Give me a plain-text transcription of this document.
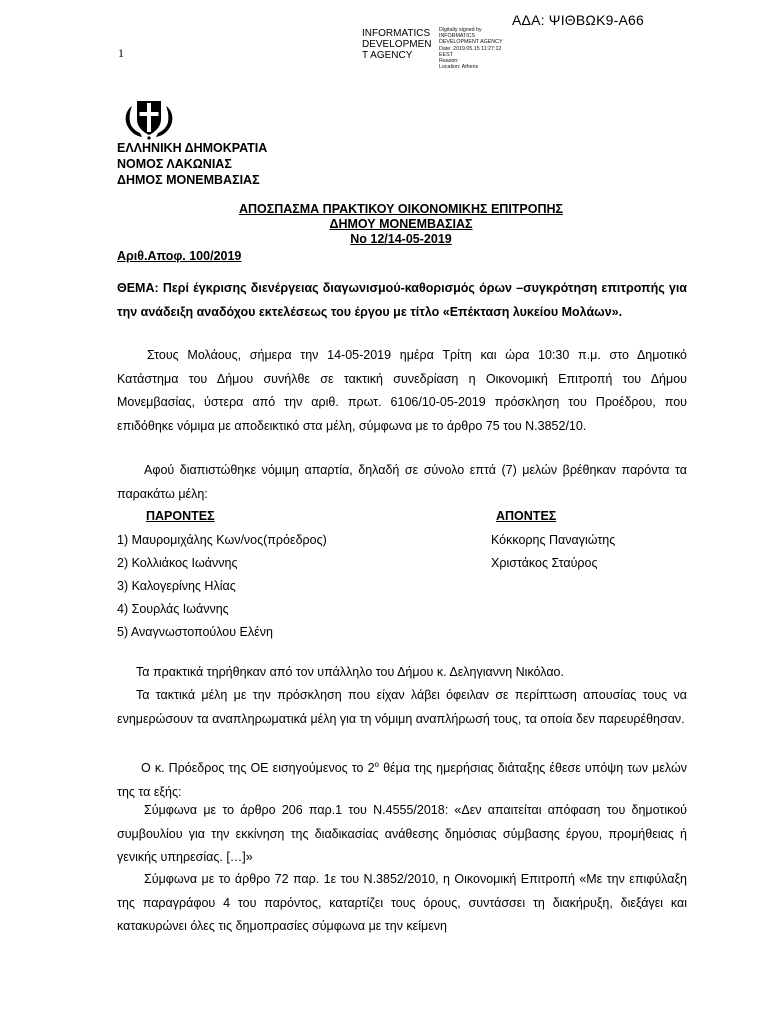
ΑΔΑ: ΨΙΘΒΩΚ9-Α66
1
INFORMATICS
DEVELOPMEN
T AGENCY
Digitally signed by
INFORMATICS
DEVELOPMENT AGENCY
Date: 2019.05.15 11:27:12
EEST
Reason:
Location: Athens
ΕΛΛΗΝΙΚΗ ΔΗΜΟΚΡΑΤΙΑ
ΝΟΜΟΣ ΛΑΚΩΝΙΑΣ
ΔΗΜΟΣ ΜΟΝΕΜΒΑΣΙΑΣ
ΑΠΟΣΠΑΣΜΑ ΠΡΑΚΤΙΚΟΥ ΟΙΚΟΝΟΜΙΚΗΣ ΕΠΙΤΡΟΠΗΣ
ΔΗΜΟΥ ΜΟΝΕΜΒΑΣΙΑΣ
Νο 12/14-05-2019
Αριθ.Αποφ. 100/2019
ΘΕΜΑ: Περί έγκρισης διενέργειας διαγωνισμού-καθορισμός όρων –συγκρότηση επιτροπής για την ανάδειξη αναδόχου εκτελέσεως του έργου με τίτλο «Επέκταση λυκείου Μολάων».
Στους Μολάους, σήμερα την 14-05-2019 ημέρα Τρίτη και ώρα 10:30 π.μ. στο Δημοτικό Κατάστημα του Δήμου συνήλθε σε τακτική συνεδρίαση η Οικονομική Επιτροπή του Δήμου Μονεμβασίας, ύστερα από την αριθ. πρωτ. 6106/10-05-2019 πρόσκληση του Προέδρου, που επιδόθηκε νόμιμα με αποδεικτικό στα μέλη, σύμφωνα με το άρθρο 75 του Ν.3852/10.
Αφού διαπιστώθηκε νόμιμη απαρτία, δηλαδή σε σύνολο επτά (7) μελών βρέθηκαν παρόντα τα παρακάτω μέλη:
ΠΑΡΟΝΤΕΣ	ΑΠΟΝΤΕΣ
1) Μαυρομιχάλης Κων/νος(πρόεδρος)
2) Κολλιάκος Ιωάννης
3) Καλογερίνης Ηλίας
4) Σουρλάς Ιωάννης
5) Αναγνωστοπούλου Ελένη
Κόκκορης Παναγιώτης
Χριστάκος Σταύρος
Τα πρακτικά τηρήθηκαν από τον υπάλληλο του Δήμου κ. Δεληγιαννη Νικόλαο.
Τα τακτικά μέλη με την πρόσκληση που είχαν λάβει όφειλαν σε περίπτωση απουσίας τους να ενημερώσουν τα αναπληρωματικά μέλη για τη νόμιμη αναπλήρωσή τους, τα οποία δεν παρευρέθησαν.
Ο κ. Πρόεδρος της ΟΕ εισηγούμενος το $2^o$ θέμα της ημερήσιας διάταξης έθεσε υπόψη των μελών της τα εξής:
Σύμφωνα με το άρθρο 206 παρ.1 του Ν.4555/2018: «Δεν απαιτείται απόφαση του δημοτικού συμβουλίου για την εκκίνηση της διαδικασίας ανάθεσης δημόσιας σύμβασης έργου, προμήθειας ή γενικής υπηρεσίας. […]»
Σύμφωνα με το άρθρο 72 παρ. 1ε του Ν.3852/2010, η Οικονομική Επιτροπή «Με την επιφύλαξη της παραγράφου 4 του παρόντος, καταρτίζει τους όρους, συντάσσει τη διακήρυξη, διεξάγει και κατακυρώνει όλες τις δημοπρασίες σύμφωνα με την κείμενη
